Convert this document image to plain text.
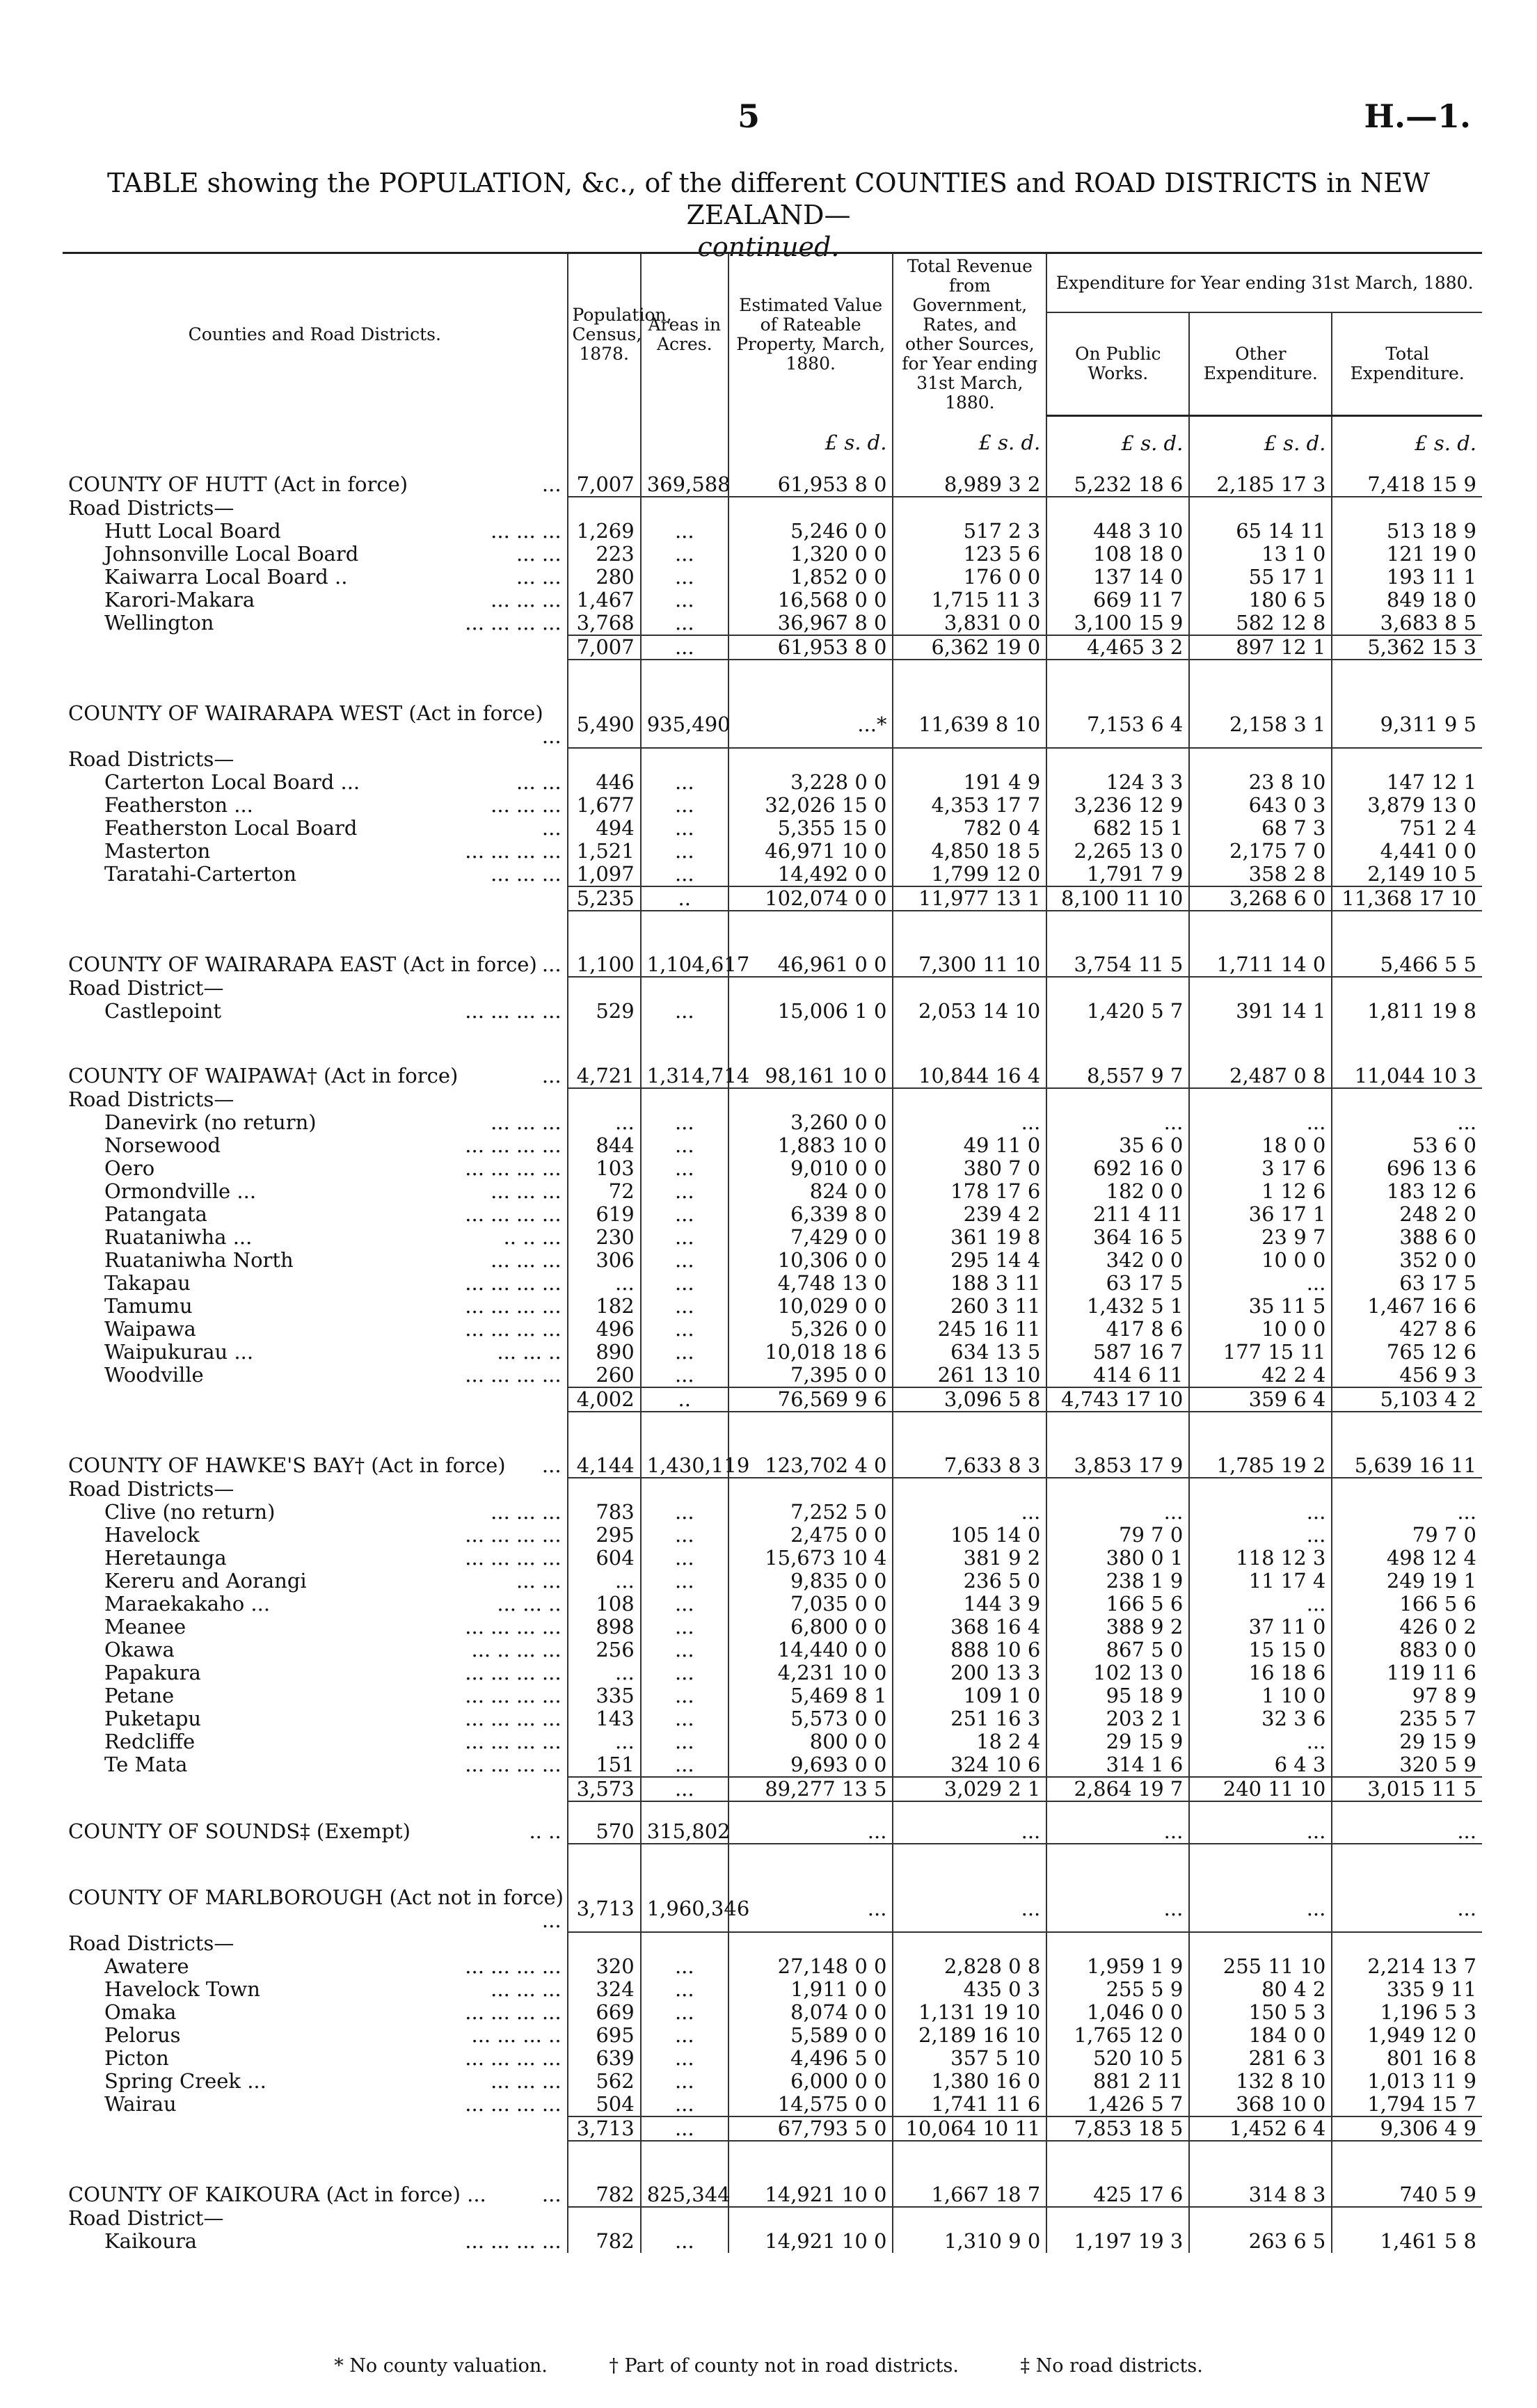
5	H.—1.
TABLE showing the POPULATION, &c., of the different COUNTIES and ROAD DISTRICTS in NEW ZEALAND—
continued.
Counties and Road Districts.	Population, Census, 1878.	Areas in Acres.	Estimated Value of Rateable Property, March, 1880.	Total Revenue from Government, Rates, and other Sources, for Year ending 31st March, 1880.	Expenditure for Year ending 31st March, 1880.		
					On Public Works.	Other Expenditure.	Total Expenditure.
			£ s. d.	£ s. d.	£ s. d.	£ s. d.	£ s. d.
COUNTY OF HUTT (Act in force) ...	7,007	369,588	61,953 8 0	8,989 3 2	5,232 18 6	2,185 17 3	7,418 15 9
Road Districts—							
Hutt Local Board ... ... ...	1,269	...	5,246 0 0	517 2 3	448 3 10	65 14 11	513 18 9
Johnsonville Local Board ... ...	223	...	1,320 0 0	123 5 6	108 18 0	13 1 0	121 19 0
Kaiwarra Local Board .. ... ...	280	...	1,852 0 0	176 0 0	137 14 0	55 17 1	193 11 1
Karori-Makara ... ... ...	1,467	...	16,568 0 0	1,715 11 3	669 11 7	180 6 5	849 18 0
Wellington ... ... ... ...	3,768	...	36,967 8 0	3,831 0 0	3,100 15 9	582 12 8	3,683 8 5
	7,007	...	61,953 8 0	6,362 19 0	4,465 3 2	897 12 1	5,362 15 3

COUNTY OF WAIRARAPA WEST (Act in force)
...	5,490	935,490	...*	11,639 8 10	7,153 6 4	2,158 3 1	9,311 9 5
Road Districts—							
Carterton Local Board ... ... ...	446	...	3,228 0 0	191 4 9	124 3 3	23 8 10	147 12 1
Featherston ... ... ... ...	1,677	...	32,026 15 0	4,353 17 7	3,236 12 9	643 0 3	3,879 13 0
Featherston Local Board ...	494	...	5,355 15 0	782 0 4	682 15 1	68 7 3	751 2 4
Masterton ... ... ... ...	1,521	...	46,971 10 0	4,850 18 5	2,265 13 0	2,175 7 0	4,441 0 0
Taratahi-Carterton ... ... ...	1,097	...	14,492 0 0	1,799 12 0	1,791 7 9	358 2 8	2,149 10 5
	5,235	..	102,074 0 0	11,977 13 1	8,100 11 10	3,268 6 0	11,368 17 10

COUNTY OF WAIRARAPA EAST (Act in force) ...	1,100	1,104,617	46,961 0 0	7,300 11 10	3,754 11 5	1,711 14 0	5,466 5 5
Road District—							
Castlepoint ... ... ... ...	529	...	15,006 1 0	2,053 14 10	1,420 5 7	391 14 1	1,811 19 8

COUNTY OF WAIPAWA† (Act in force) ...	4,721	1,314,714	98,161 10 0	10,844 16 4	8,557 9 7	2,487 0 8	11,044 10 3
Road Districts—							
Danevirk (no return) ... ... ...	...	...	3,260 0 0	...	...	...	...
Norsewood ... ... ... ...	844	...	1,883 10 0	49 11 0	35 6 0	18 0 0	53 6 0
Oero ... ... ... ...	103	...	9,010 0 0	380 7 0	692 16 0	3 17 6	696 13 6
Ormondville ... ... ... ...	72	...	824 0 0	178 17 6	182 0 0	1 12 6	183 12 6
Patangata ... ... ... ...	619	...	6,339 8 0	239 4 2	211 4 11	36 17 1	248 2 0
Ruataniwha ... .. .. ...	230	...	7,429 0 0	361 19 8	364 16 5	23 9 7	388 6 0
Ruataniwha North ... ... ...	306	...	10,306 0 0	295 14 4	342 0 0	10 0 0	352 0 0
Takapau ... ... ... ...	...	...	4,748 13 0	188 3 11	63 17 5	...	63 17 5
Tamumu ... ... ... ...	182	...	10,029 0 0	260 3 11	1,432 5 1	35 11 5	1,467 16 6
Waipawa ... ... ... ...	496	...	5,326 0 0	245 16 11	417 8 6	10 0 0	427 8 6
Waipukurau ... ... ... ..	890	...	10,018 18 6	634 13 5	587 16 7	177 15 11	765 12 6
Woodville ... ... ... ...	260	...	7,395 0 0	261 13 10	414 6 11	42 2 4	456 9 3
	4,002	..	76,569 9 6	3,096 5 8	4,743 17 10	359 6 4	5,103 4 2

COUNTY OF HAWKE'S BAY† (Act in force) ...	4,144	1,430,119	123,702 4 0	7,633 8 3	3,853 17 9	1,785 19 2	5,639 16 11
Road Districts—							
Clive (no return) ... ... ...	783	...	7,252 5 0	...	...	...	...
Havelock ... ... ... ...	295	...	2,475 0 0	105 14 0	79 7 0	...	79 7 0
Heretaunga ... ... ... ...	604	...	15,673 10 4	381 9 2	380 0 1	118 12 3	498 12 4
Kereru and Aorangi ... ...	...	...	9,835 0 0	236 5 0	238 1 9	11 17 4	249 19 1
Maraekakaho ... ... ... ..	108	...	7,035 0 0	144 3 9	166 5 6	...	166 5 6
Meanee ... ... ... ...	898	...	6,800 0 0	368 16 4	388 9 2	37 11 0	426 0 2
Okawa ... .. ... ...	256	...	14,440 0 0	888 10 6	867 5 0	15 15 0	883 0 0
Papakura ... ... ... ...	...	...	4,231 10 0	200 13 3	102 13 0	16 18 6	119 11 6
Petane ... ... ... ...	335	...	5,469 8 1	109 1 0	95 18 9	1 10 0	97 8 9
Puketapu ... ... ... ...	143	...	5,573 0 0	251 16 3	203 2 1	32 3 6	235 5 7
Redcliffe ... ... ... ...	...	...	800 0 0	18 2 4	29 15 9	...	29 15 9
Te Mata ... ... ... ...	151	...	9,693 0 0	324 10 6	314 1 6	6 4 3	320 5 9
	3,573	...	89,277 13 5	3,029 2 1	2,864 19 7	240 11 10	3,015 11 5
COUNTY OF SOUNDS‡ (Exempt) .. ..	570	315,802	...	...	...	...	...

COUNTY OF MARLBOROUGH (Act not in force)
...	3,713	1,960,346	...	...	...	...	...
Road Districts—							
Awatere ... ... ... ...	320	...	27,148 0 0	2,828 0 8	1,959 1 9	255 11 10	2,214 13 7
Havelock Town ... ... ...	324	...	1,911 0 0	435 0 3	255 5 9	80 4 2	335 9 11
Omaka ... ... ... ...	669	...	8,074 0 0	1,131 19 10	1,046 0 0	150 5 3	1,196 5 3
Pelorus ... ... ... ..	695	...	5,589 0 0	2,189 16 10	1,765 12 0	184 0 0	1,949 12 0
Picton ... ... ... ...	639	...	4,496 5 0	357 5 10	520 10 5	281 6 3	801 16 8
Spring Creek ... ... ... ...	562	...	6,000 0 0	1,380 16 0	881 2 11	132 8 10	1,013 11 9
Wairau ... ... ... ...	504	...	14,575 0 0	1,741 11 6	1,426 5 7	368 10 0	1,794 15 7
	3,713	...	67,793 5 0	10,064 10 11	7,853 18 5	1,452 6 4	9,306 4 9

COUNTY OF KAIKOURA (Act in force) ... ...	782	825,344	14,921 10 0	1,667 18 7	425 17 6	314 8 3	740 5 9
Road District—							
Kaikoura ... ... ... ...	782	...	14,921 10 0	1,310 9 0	1,197 19 3	263 6 5	1,461 5 8
* No county valuation.	† Part of county not in road districts.	‡ No road districts.
